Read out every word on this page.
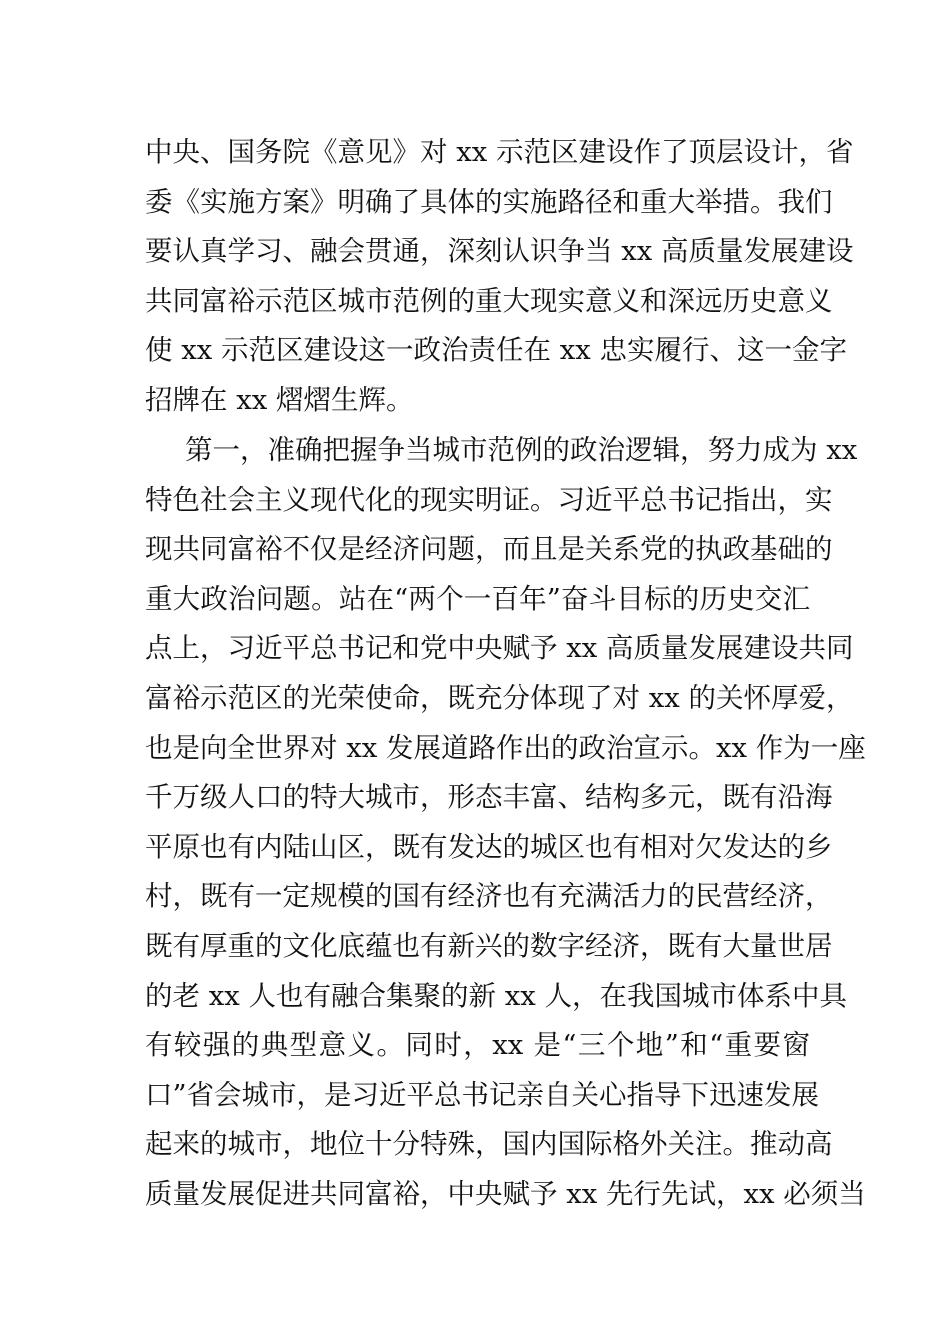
中央、国务院《意见》对 xx 示范区建设作了顶层设计，省
委《实施方案》明确了具体的实施路径和重大举措。我们
要认真学习、融会贯通，深刻认识争当 xx 高质量发展建设
共同富裕示范区城市范例的重大现实意义和深远历史意义
使 xx 示范区建设这一政治责任在 xx 忠实履行、这一金字
招牌在 xx 熠熠生辉。
第一，准确把握争当城市范例的政治逻辑，努力成为 xx
特色社会主义现代化的现实明证。习近平总书记指出，实
现共同富裕不仅是经济问题，而且是关系党的执政基础的
重大政治问题。站在“两个一百年”奋斗目标的历史交汇
点上，习近平总书记和党中央赋予 xx 高质量发展建设共同
富裕示范区的光荣使命，既充分体现了对 xx 的关怀厚爱，
也是向全世界对 xx 发展道路作出的政治宣示。xx 作为一座
千万级人口的特大城市，形态丰富、结构多元，既有沿海
平原也有内陆山区，既有发达的城区也有相对欠发达的乡
村，既有一定规模的国有经济也有充满活力的民营经济，
既有厚重的文化底蕴也有新兴的数字经济，既有大量世居
的老 xx 人也有融合集聚的新 xx 人，在我国城市体系中具
有较强的典型意义。同时，xx 是“三个地”和“重要窗
口”省会城市，是习近平总书记亲自关心指导下迅速发展
起来的城市，地位十分特殊，国内国际格外关注。推动高
质量发展促进共同富裕，中央赋予 xx 先行先试，xx 必须当
